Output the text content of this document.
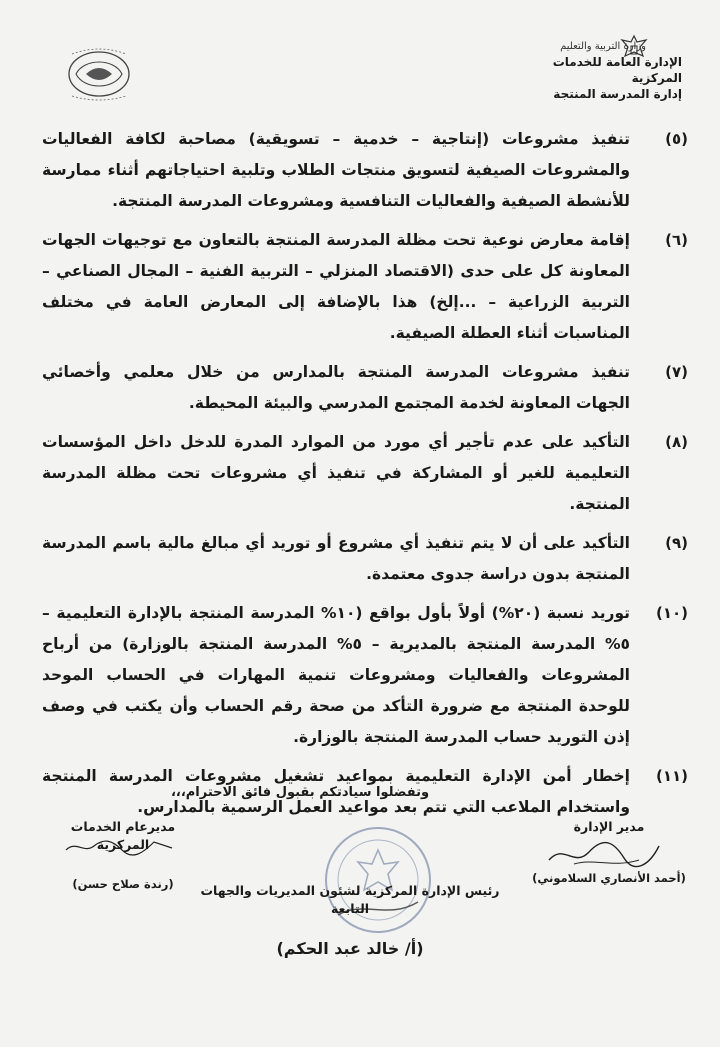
وزارة التربية والتعليم
الإدارة العامة للخدمات المركزية
إدارة المدرسة المنتجة
(٥)
تنفيذ مشروعات (إنتاجية – خدمية – تسويقية) مصاحبة لكافة الفعاليات والمشروعات الصيفية لتسويق منتجات الطلاب وتلبية احتياجاتهم أثناء ممارسة للأنشطة الصيفية والفعاليات التنافسية ومشروعات المدرسة المنتجة.
(٦)
إقامة معارض نوعية تحت مظلة المدرسة المنتجة بالتعاون مع توجيهات الجهات المعاونة كل على حدى (الاقتصاد المنزلي – التربية الفنية – المجال الصناعي – التربية الزراعية – ...إلخ) هذا بالإضافة إلى المعارض العامة في مختلف المناسبات أثناء العطلة الصيفية.
(٧)
تنفيذ مشروعات المدرسة المنتجة بالمدارس من خلال معلمي وأخصائي الجهات المعاونة لخدمة المجتمع المدرسي والبيئة المحيطة.
(٨)
التأكيد على عدم تأجير أي مورد من الموارد المدرة للدخل داخل المؤسسات التعليمية للغير أو المشاركة في تنفيذ أي مشروعات تحت مظلة المدرسة المنتجة.
(٩)
التأكيد على أن لا يتم تنفيذ أي مشروع أو توريد أي مبالغ مالية باسم المدرسة المنتجة بدون دراسة جدوى معتمدة.
(١٠)
توريد نسبة (٢٠%) أولاً بأول بواقع (١٠% المدرسة المنتجة بالإدارة التعليمية – ٥% المدرسة المنتجة بالمديرية – ٥% المدرسة المنتجة بالوزارة) من أرباح المشروعات والفعاليات ومشروعات تنمية المهارات في الحساب الموحد للوحدة المنتجة مع ضرورة التأكد من صحة رقم الحساب وأن يكتب في وصف إذن التوريد حساب المدرسة المنتجة بالوزارة.
(١١)
إخطار أمن الإدارة التعليمية بمواعيد تشغيل مشروعات المدرسة المنتجة واستخدام الملاعب التي تتم بعد مواعيد العمل الرسمية بالمدارس.
وتفضلوا سيادتكم بقبول فائق الاحترام،،،
مدير الإدارة
(أحمد الأنصاري السلاموني)
مديرعام الخدمات المركزية
(رندة صلاح حسن)	رئيس الإدارة المركزية لشئون المديريات والجهات التابعة
(أ/ خالد عبد الحكم)
